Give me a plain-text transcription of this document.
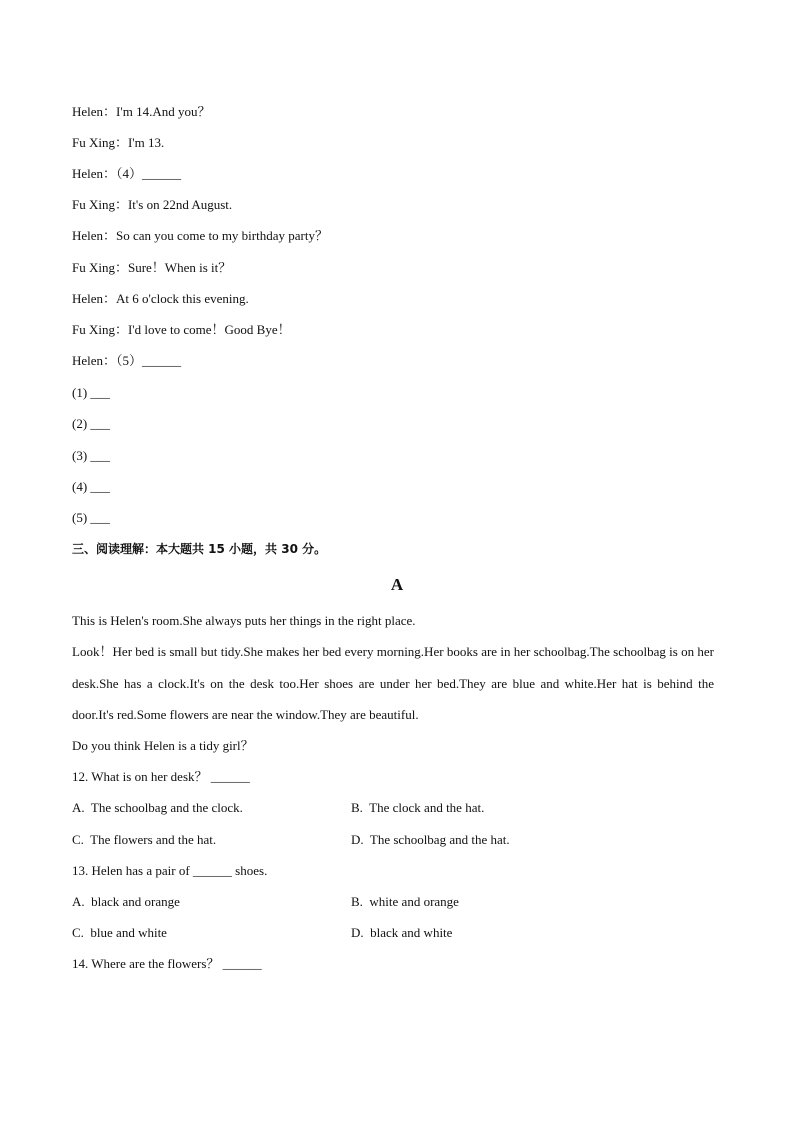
Helen：I'm 14.And you？
Fu Xing：I'm 13.
Helen：（4）______
Fu Xing：It's on 22nd August.
Helen：So can you come to my birthday party？
Fu Xing：Sure！When is it？
Helen：At 6 o'clock this evening.
Fu Xing：I'd love to come！Good Bye！
Helen：（5）______
(1) ___
(2) ___
(3) ___
(4) ___
(5) ___
三、阅读理解：本大题共 15 小题，共 30 分。
A
This is Helen's room.She always puts her things in the right place.
Look！Her bed is small but tidy.She makes her bed every morning.Her books are in her schoolbag.The schoolbag is on her desk.She has a clock.It's on the desk too.Her shoes are under her bed.They are blue and white.Her hat is behind the door.It's red.Some flowers are near the window.They are beautiful.
Do you think Helen is a tidy girl？
12. What is on her desk？ ______
A.  The schoolbag and the clock.	B.  The clock and the hat.
C.  The flowers and the hat.	D.  The schoolbag and the hat.
13. Helen has a pair of ______ shoes.
A.  black and orange	B.  white and orange
C.  blue and white	D.  black and white
14. Where are the flowers？ ______
